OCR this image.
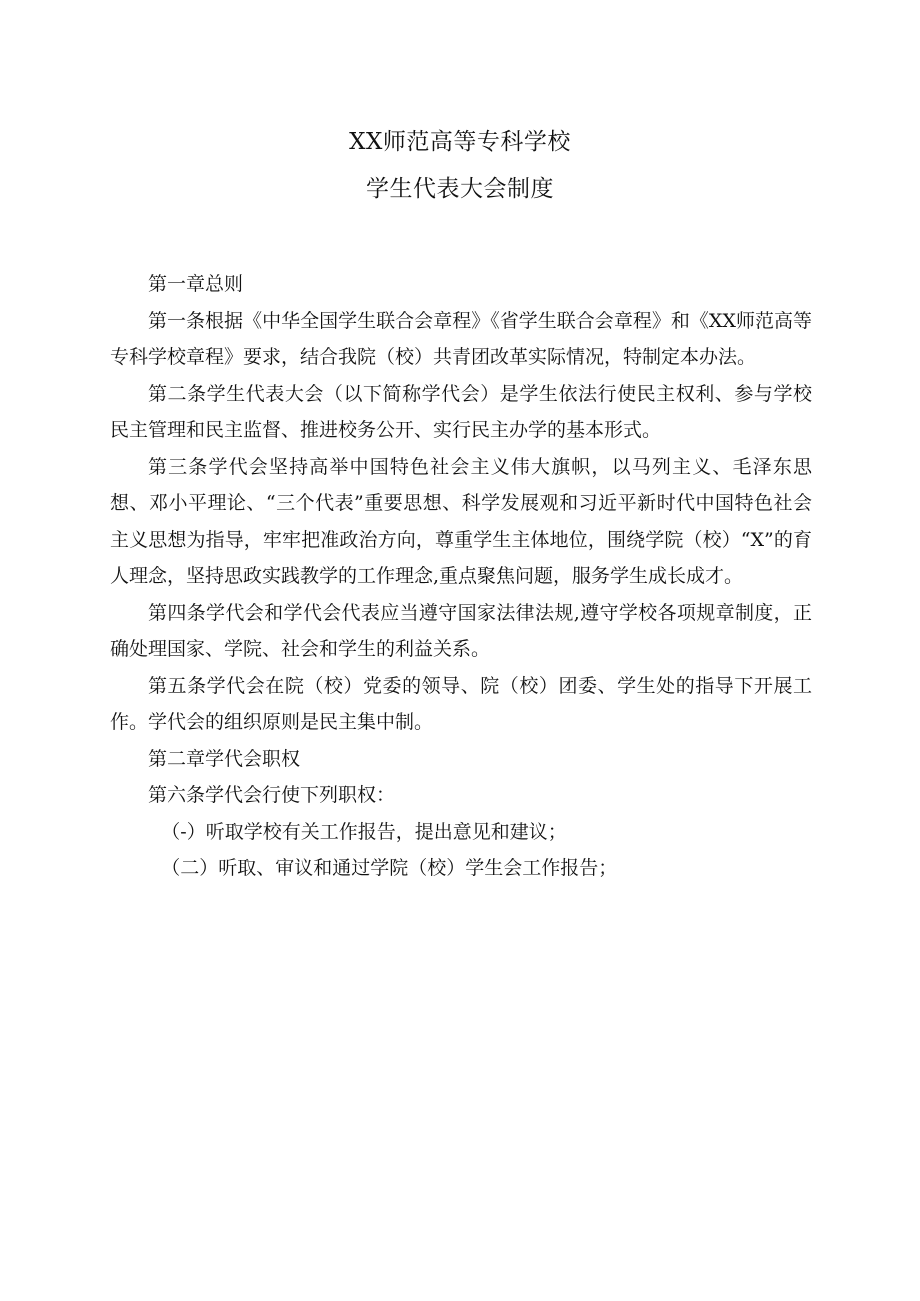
XX师范高等专科学校
学生代表大会制度

第一章总则

第一条根据《中华全国学生联合会章程》《省学生联合会章程》和《XX师范高等专科学校章程》要求，结合我院（校）共青团改革实际情况，特制定本办法。

第二条学生代表大会（以下简称学代会）是学生依法行使民主权利、参与学校民主管理和民主监督、推进校务公开、实行民主办学的基本形式。

第三条学代会坚持高举中国特色社会主义伟大旗帜，以马列主义、毛泽东思想、邓小平理论、“三个代表”重要思想、科学发展观和习近平新时代中国特色社会主义思想为指导，牢牢把准政治方向，尊重学生主体地位，围绕学院（校）“X”的育人理念，坚持思政实践教学的工作理念,重点聚焦问题，服务学生成长成才。

第四条学代会和学代会代表应当遵守国家法律法规,遵守学校各项规章制度，正确处理国家、学院、社会和学生的利益关系。

第五条学代会在院（校）党委的领导、院（校）团委、学生处的指导下开展工作。学代会的组织原则是民主集中制。

第二章学代会职权

第六条学代会行使下列职权：

（-）听取学校有关工作报告，提出意见和建议；

（二）听取、审议和通过学院（校）学生会工作报告；
